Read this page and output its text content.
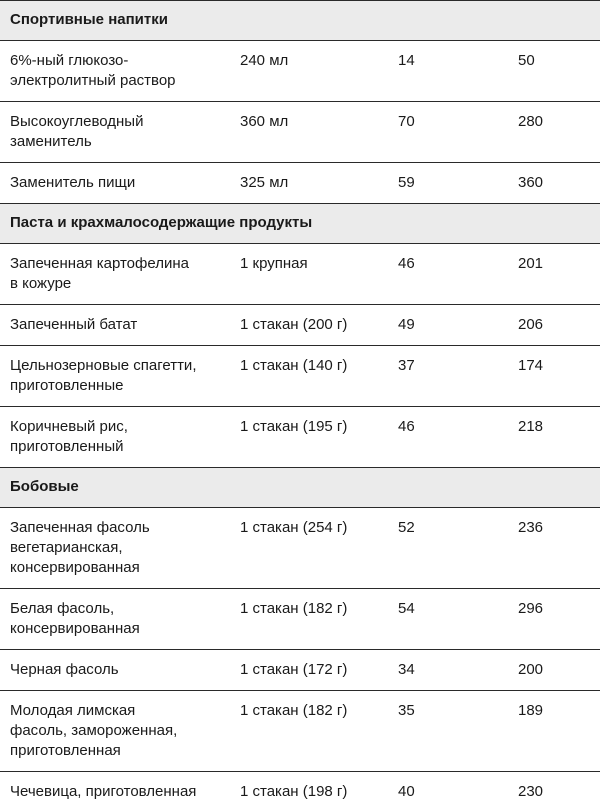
Спортивные напитки
6%-ный глюкозо-
электролитный раствор
240 мл	14	50
Высокоуглеводный
заменитель
360 мл	70	280
Заменитель пищи	325 мл	59	360
Паста и крахмалосодержащие продукты
Запеченная картофелина
в кожуре
1 крупная	46	201
Запеченный батат	1 стакан (200 г)	49	206
Цельнозерновые спагетти,
приготовленные
1 стакан (140 г)	37	174
Коричневый рис,
приготовленный
1 стакан (195 г)	46	218
Бобовые
Запеченная фасоль
вегетарианская,
консервированная
1 стакан (254 г)	52	236
Белая фасоль,
консервированная
1 стакан (182 г)	54	296
Черная фасоль	1 стакан (172 г)	34	200
Молодая лимская
фасоль, замороженная,
приготовленная
1 стакан (182 г)	35	189
Чечевица, приготовленная	1 стакан (198 г)	40	230
